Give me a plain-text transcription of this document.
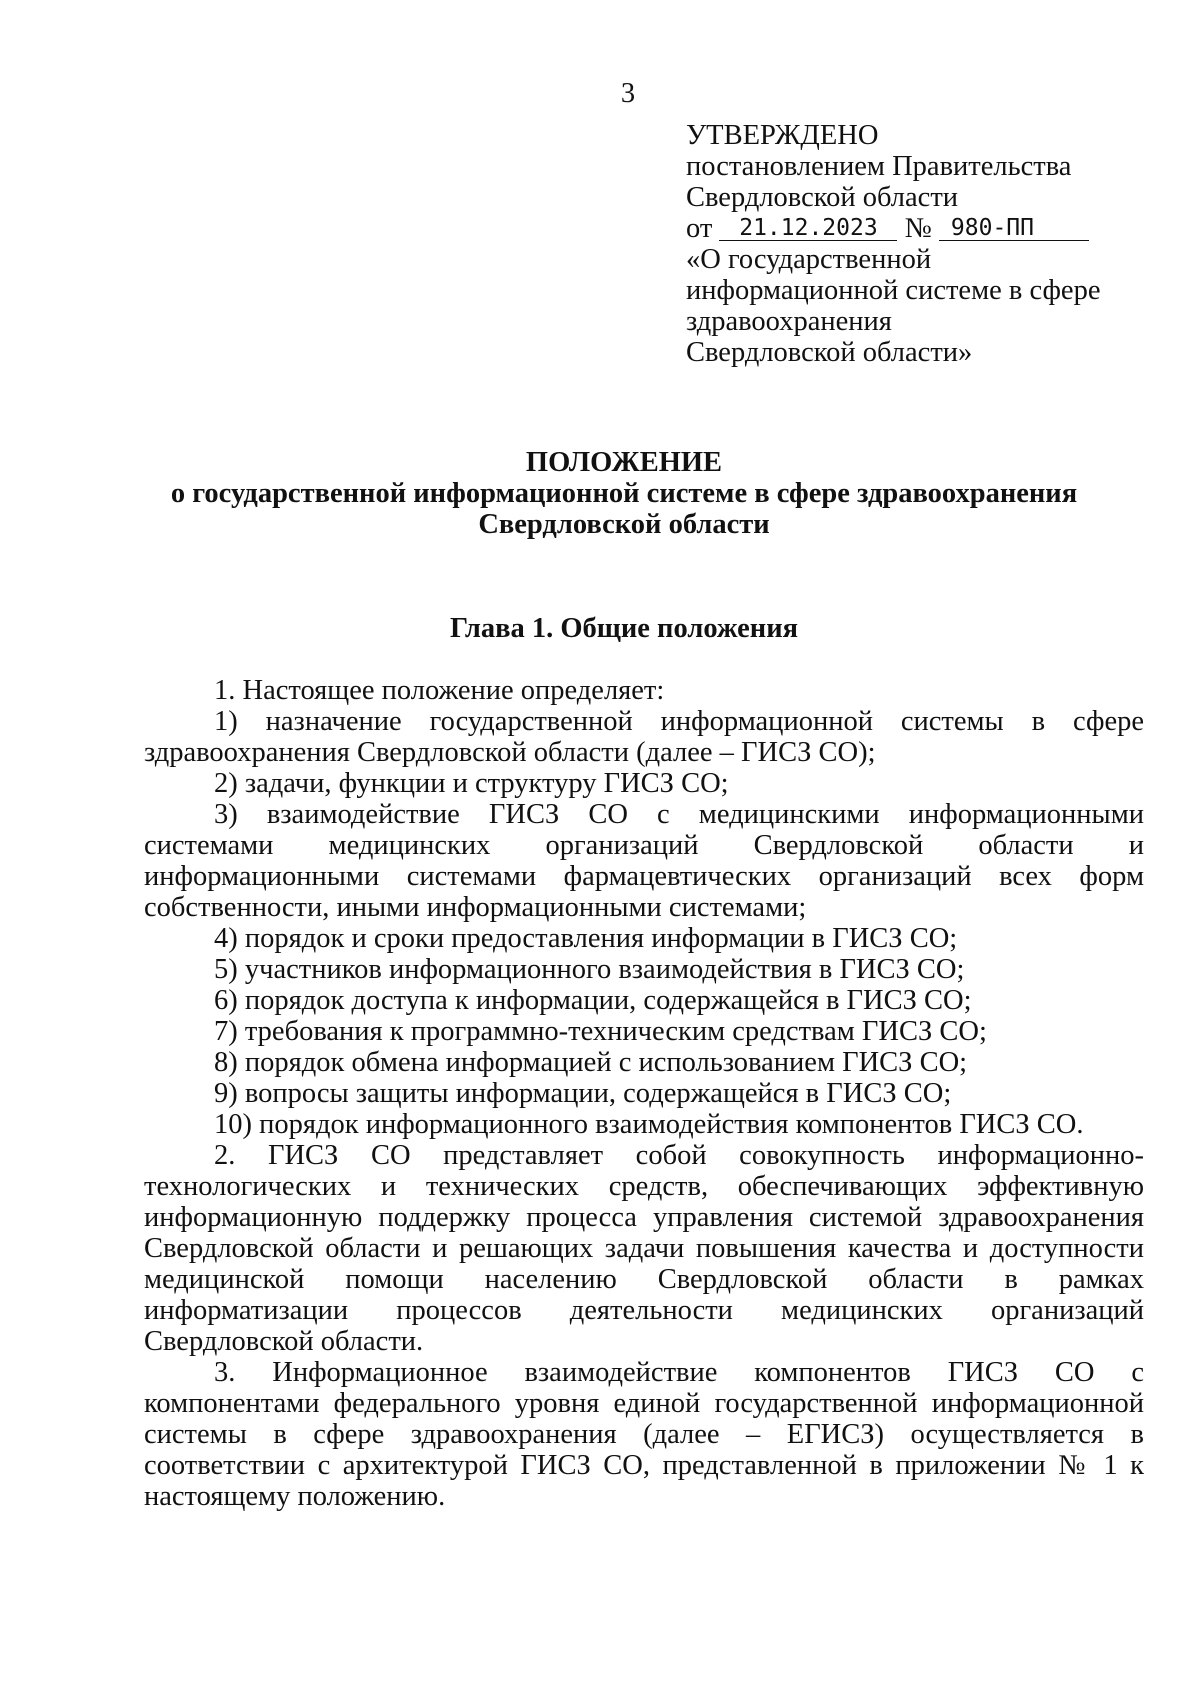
3
УТВЕРЖДЕНО
постановлением Правительства
Свердловской области
от 21.12.2023 № 980-ПП
«О государственной
информационной системе в сфере
здравоохранения
Свердловской области»
ПОЛОЖЕНИЕ
о государственной информационной системе в сфере здравоохранения
Свердловской области
Глава 1. Общие положения

1. Настоящее положение определяет:

1) назначение государственной информационной системы в сфере здравоохранения Свердловской области (далее – ГИСЗ СО);

2) задачи, функции и структуру ГИСЗ СО;

3) взаимодействие ГИСЗ СО с медицинскими информационными системами медицинских организаций Свердловской области и информационными системами фармацевтических организаций всех форм собственности, иными информационными системами;

4) порядок и сроки предоставления информации в ГИСЗ СО;

5) участников информационного взаимодействия в ГИСЗ СО;

6) порядок доступа к информации, содержащейся в ГИСЗ СО;

7) требования к программно-техническим средствам ГИСЗ СО;

8) порядок обмена информацией с использованием ГИСЗ СО;

9) вопросы защиты информации, содержащейся в ГИСЗ СО;

10) порядок информационного взаимодействия компонентов ГИСЗ СО.

2. ГИСЗ СО представляет собой совокупность информационно-технологических и технических средств, обеспечивающих эффективную информационную поддержку процесса управления системой здравоохранения Свердловской области и решающих задачи повышения качества и доступности медицинской помощи населению Свердловской области в рамках информатизации процессов деятельности медицинских организаций Свердловской области.

3. Информационное взаимодействие компонентов ГИСЗ СО с компонентами федерального уровня единой государственной информационной системы в сфере здравоохранения (далее – ЕГИСЗ) осуществляется в соответствии с архитектурой ГИСЗ СО, представленной в приложении № 1 к настоящему положению.
